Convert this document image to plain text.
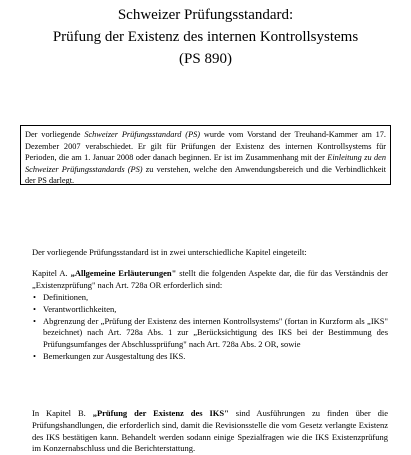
Schweizer Prüfungsstandard:
Prüfung der Existenz des internen Kontrollsystems
(PS 890)
Der vorliegende Schweizer Prüfungsstandard (PS) wurde vom Vorstand der Treuhand-Kammer am 17. Dezember 2007 verabschiedet. Er gilt für Prüfungen der Existenz des internen Kontrollsystems für Perioden, die am 1. Januar 2008 oder danach beginnen. Er ist im Zusammenhang mit der Einleitung zu den Schweizer Prüfungsstandards (PS) zu verstehen, welche den Anwendungsbereich und die Verbindlichkeit der PS darlegt.

Der vorliegende Prüfungsstandard ist in zwei unterschiedliche Kapitel eingeteilt:

Kapitel A. „Allgemeine Erläuterungen" stellt die folgenden Aspekte dar, die für das Verständnis der „Existenzprüfung" nach Art. 728a OR erforderlich sind:

• Definitionen,
• Verantwortlichkeiten,
• Abgrenzung der „Prüfung der Existenz des internen Kontrollsystems" (fortan in Kurzform als „IKS" bezeichnet) nach Art. 728a Abs. 1 zur „Berücksichtigung des IKS bei der Bestimmung des Prüfungsumfanges der Abschlussprüfung" nach Art. 728a Abs. 2 OR, sowie
• Bemerkungen zur Ausgestaltung des IKS.

In Kapitel B. „Prüfung der Existenz des IKS" sind Ausführungen zu finden über die Prüfungshandlungen, die erforderlich sind, damit die Revisionsstelle die vom Gesetz verlangte Existenz des IKS bestätigen kann. Behandelt werden sodann einige Spezialfragen wie die IKS Existenzprüfung im Konzernabschluss und die Berichterstattung.
